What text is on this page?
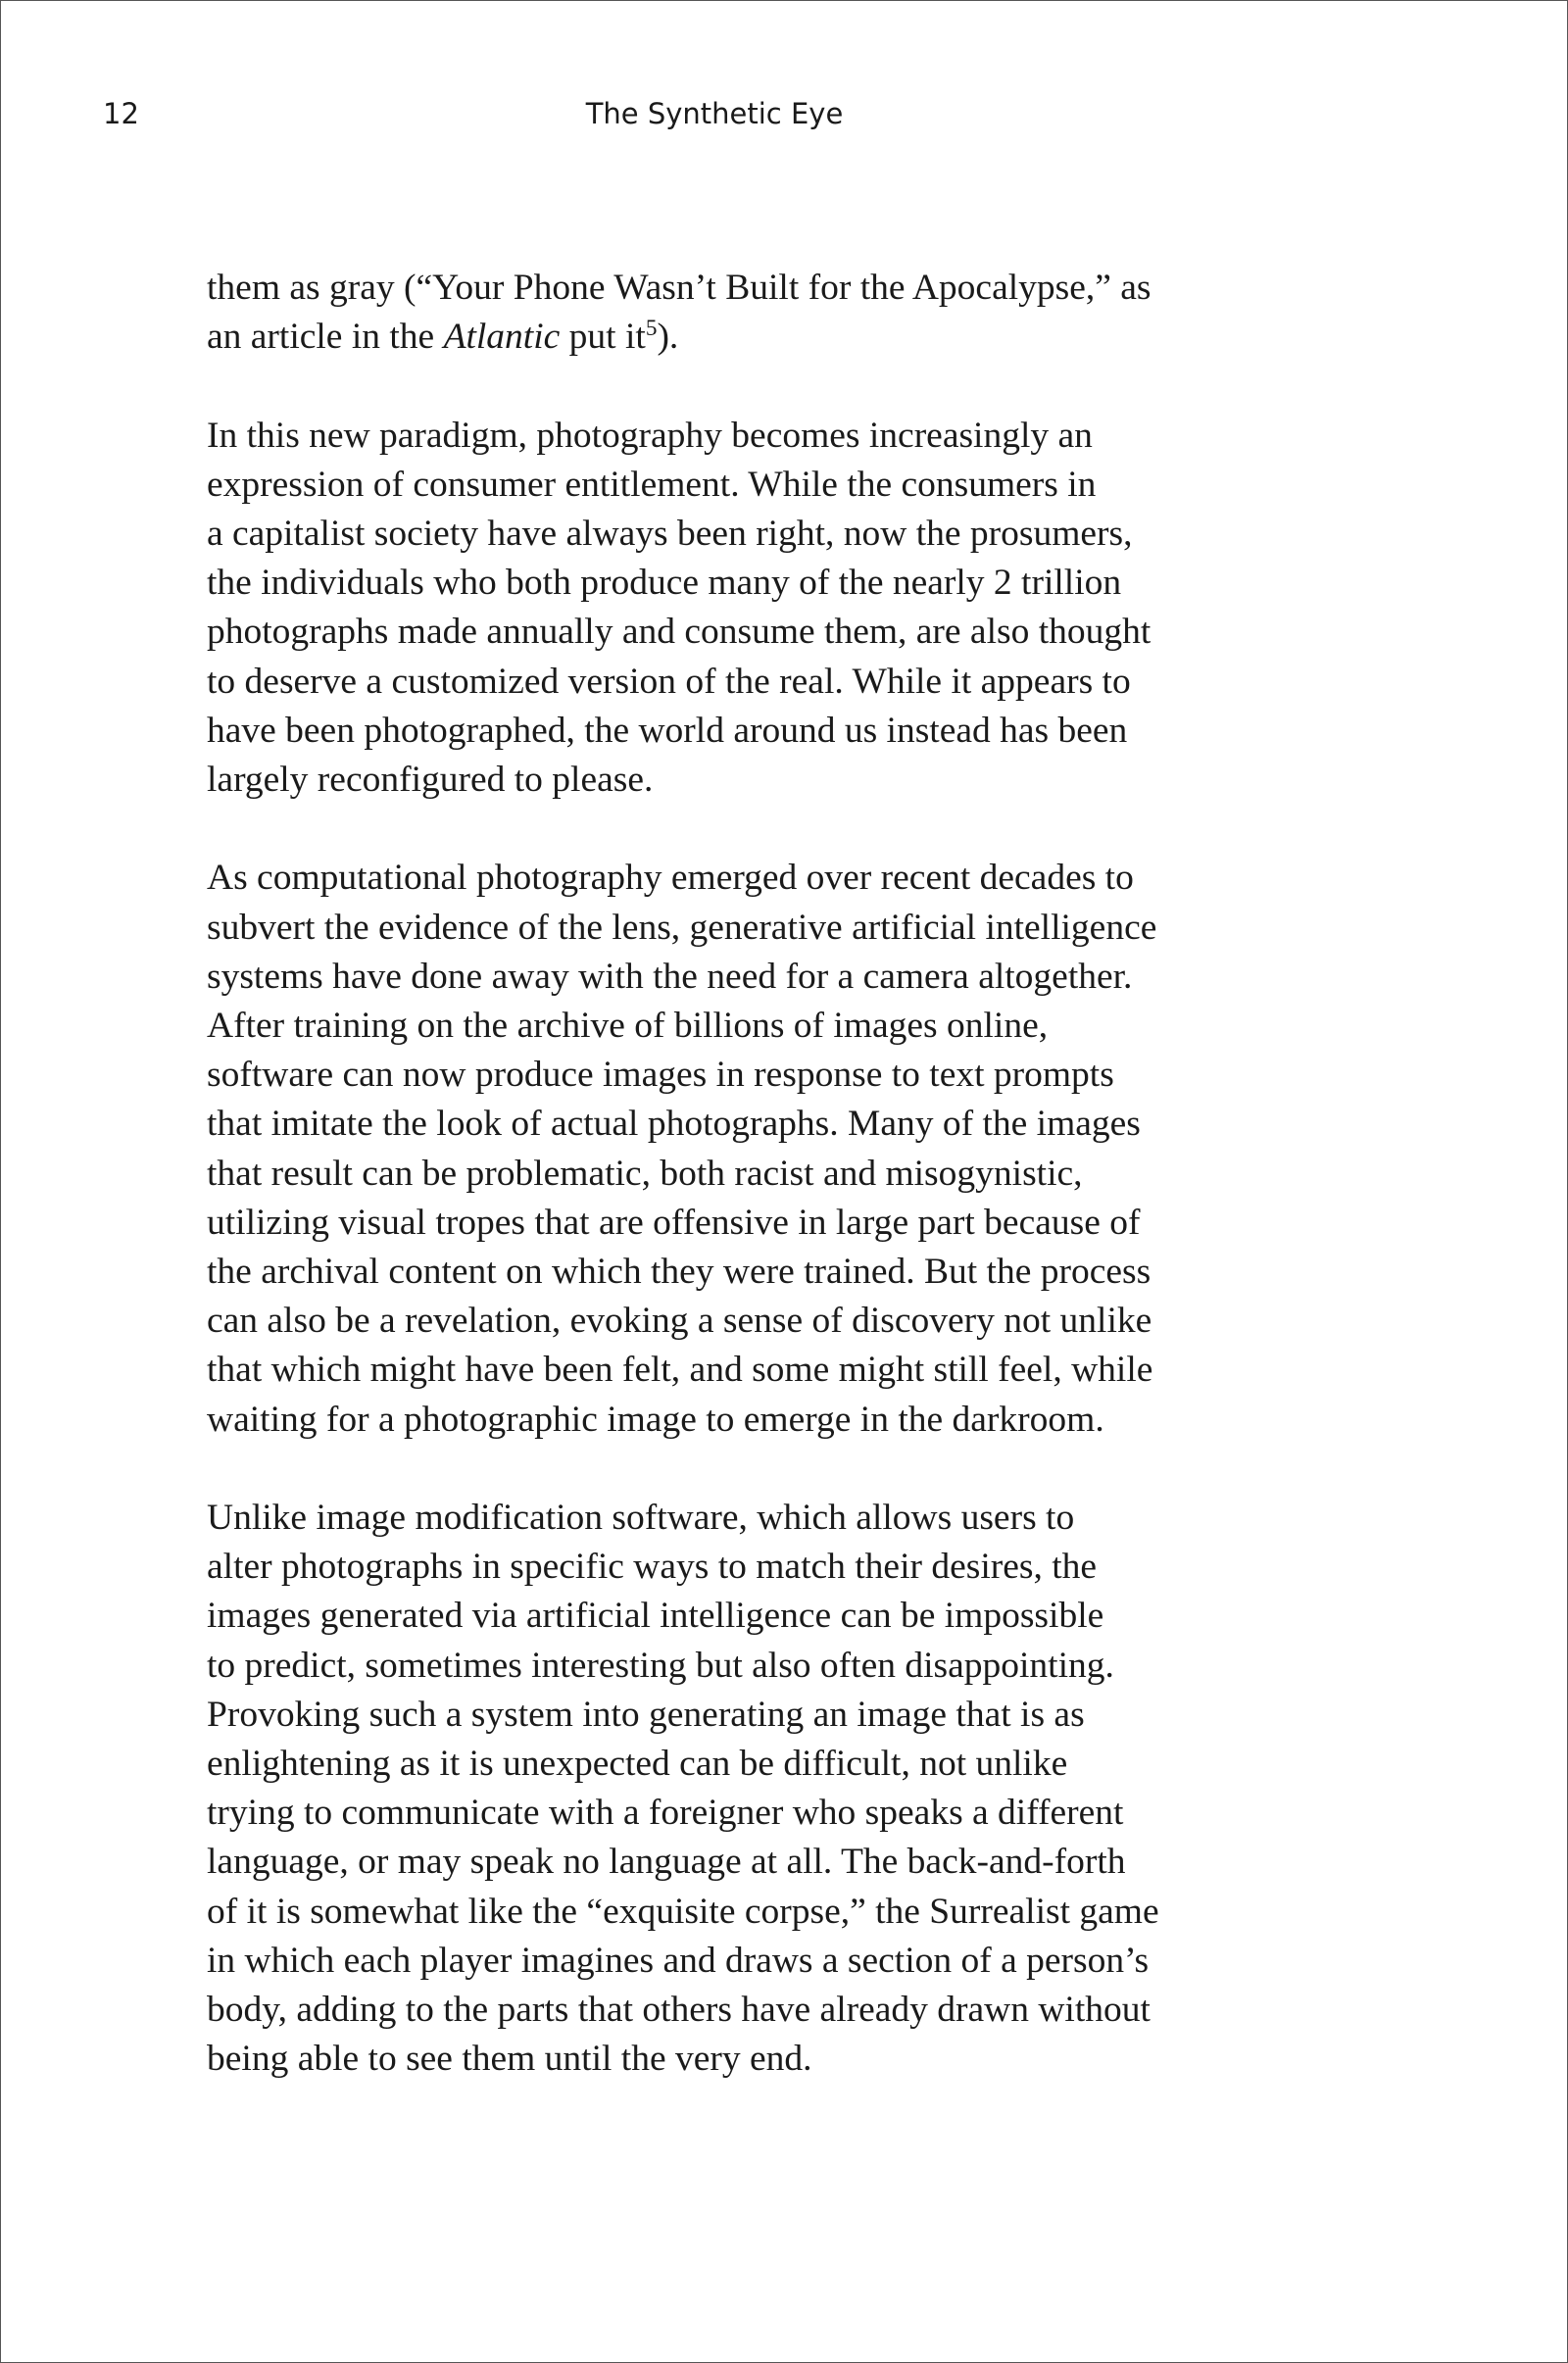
12	The Synthetic Eye

them as gray (“Your Phone Wasn’t Built for the Apocalypse,” as
an article in the Atlantic put $it^5$).

In this new paradigm, photography becomes increasingly an
expression of consumer entitlement. While the consumers in
a capitalist society have always been right, now the prosumers,
the individuals who both produce many of the nearly 2 trillion
photographs made annually and consume them, are also thought
to deserve a customized version of the real. While it appears to
have been photographed, the world around us instead has been
largely reconfigured to please.

As computational photography emerged over recent decades to
subvert the evidence of the lens, generative artificial intelligence
systems have done away with the need for a camera altogether.
After training on the archive of billions of images online,
software can now produce images in response to text prompts
that imitate the look of actual photographs. Many of the images
that result can be problematic, both racist and misogynistic,
utilizing visual tropes that are offensive in large part because of
the archival content on which they were trained. But the process
can also be a revelation, evoking a sense of discovery not unlike
that which might have been felt, and some might still feel, while
waiting for a photographic image to emerge in the darkroom.

Unlike image modification software, which allows users to
alter photographs in specific ways to match their desires, the
images generated via artificial intelligence can be impossible
to predict, sometimes interesting but also often disappointing.
Provoking such a system into generating an image that is as
enlightening as it is unexpected can be difficult, not unlike
trying to communicate with a foreigner who speaks a different
language, or may speak no language at all. The back-and-forth
of it is somewhat like the “exquisite corpse,” the Surrealist game
in which each player imagines and draws a section of a person’s
body, adding to the parts that others have already drawn without
being able to see them until the very end.
